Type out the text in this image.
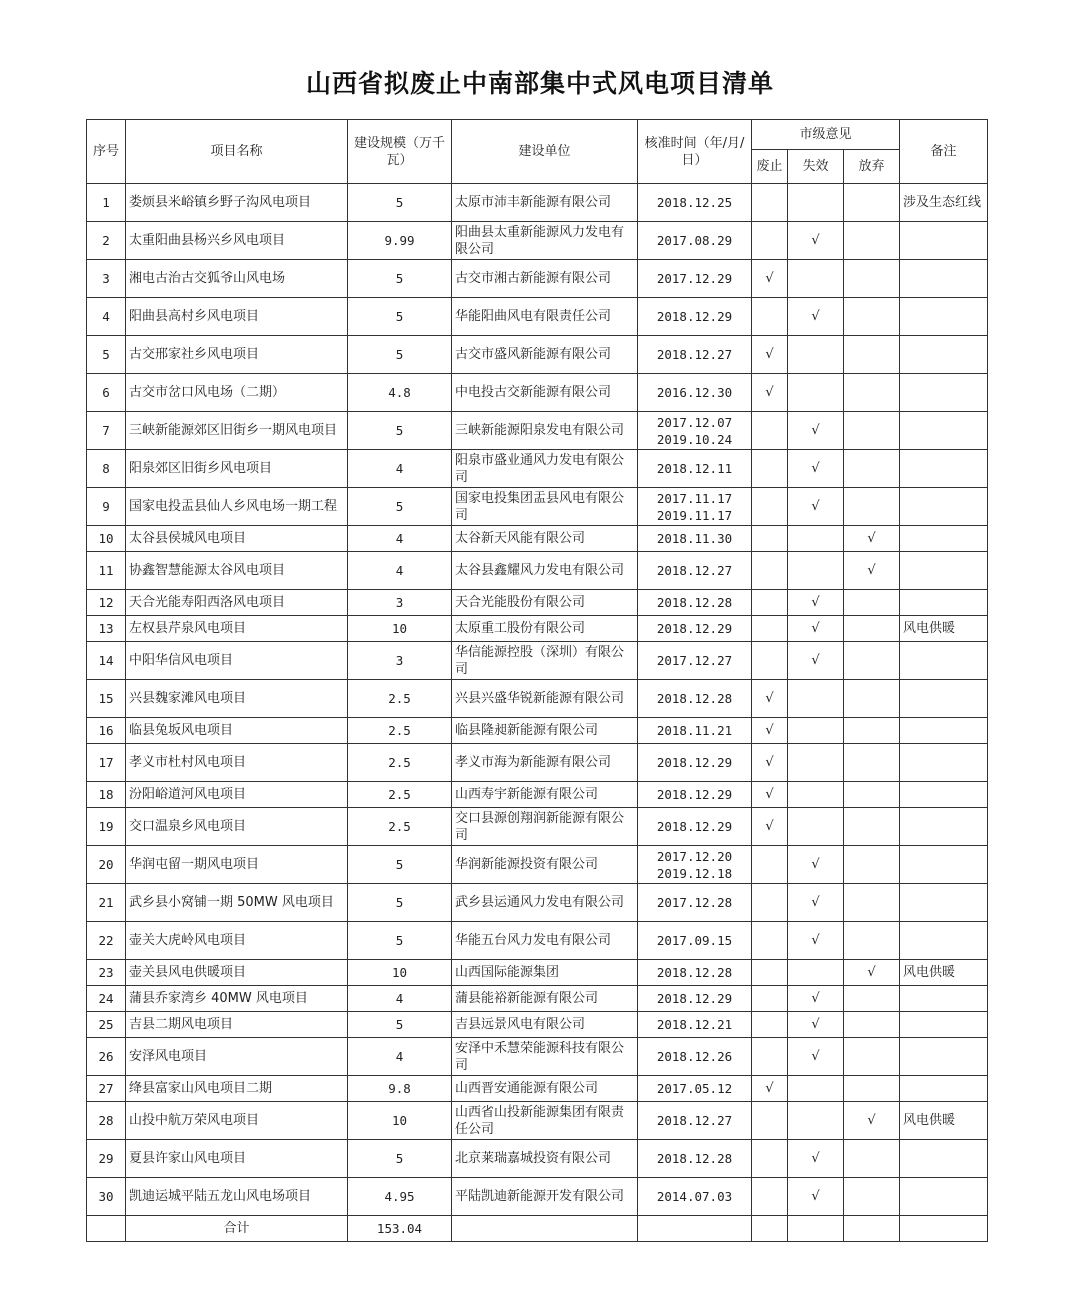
山西省拟废止中南部集中式风电项目清单
序号	项目名称	建设规模（万千瓦）	建设单位	核准时间（年/月/日）	市级意见			备注
					废止	失效	放弃	
1	娄烦县米峪镇乡野子沟风电项目	5	太原市沛丰新能源有限公司	2018.12.25				涉及生态红线
2	太重阳曲县杨兴乡风电项目	9.99	阳曲县太重新能源风力发电有限公司	2017.08.29		√		
3	湘电古治古交狐爷山风电场	5	古交市湘古新能源有限公司	2017.12.29	√			
4	阳曲县高村乡风电项目	5	华能阳曲风电有限责任公司	2018.12.29		√		
5	古交邢家社乡风电项目	5	古交市盛风新能源有限公司	2018.12.27	√			
6	古交市岔口风电场（二期）	4.8	中电投古交新能源有限公司	2016.12.30	√			
7	三峡新能源郊区旧街乡一期风电项目	5	三峡新能源阳泉发电有限公司	2017.12.07 2019.10.24		√		
8	阳泉郊区旧街乡风电项目	4	阳泉市盛业通风力发电有限公司	2018.12.11		√		
9	国家电投盂县仙人乡风电场一期工程	5	国家电投集团盂县风电有限公司	2017.11.17 2019.11.17		√		
10	太谷县侯城风电项目	4	太谷新天风能有限公司	2018.11.30			√	
11	协鑫智慧能源太谷风电项目	4	太谷县鑫耀风力发电有限公司	2018.12.27			√	
12	天合光能寿阳西洛风电项目	3	天合光能股份有限公司	2018.12.28		√		
13	左权县芹泉风电项目	10	太原重工股份有限公司	2018.12.29		√		风电供暖
14	中阳华信风电项目	3	华信能源控股（深圳）有限公司	2017.12.27		√		
15	兴县魏家滩风电项目	2.5	兴县兴盛华锐新能源有限公司	2018.12.28	√			
16	临县兔坂风电项目	2.5	临县隆昶新能源有限公司	2018.11.21	√			
17	孝义市杜村风电项目	2.5	孝义市海为新能源有限公司	2018.12.29	√			
18	汾阳峪道河风电项目	2.5	山西寿宇新能源有限公司	2018.12.29	√			
19	交口温泉乡风电项目	2.5	交口县源创翔润新能源有限公司	2018.12.29	√			
20	华润屯留一期风电项目	5	华润新能源投资有限公司	2017.12.20 2019.12.18		√		
21	武乡县小窝铺一期 50MW 风电项目	5	武乡县运通风力发电有限公司	2017.12.28		√		
22	壶关大虎岭风电项目	5	华能五台风力发电有限公司	2017.09.15		√		
23	壶关县风电供暖项目	10	山西国际能源集团	2018.12.28			√	风电供暖
24	蒲县乔家湾乡 40MW 风电项目	4	蒲县能裕新能源有限公司	2018.12.29		√		
25	吉县二期风电项目	5	吉县远景风电有限公司	2018.12.21		√		
26	安泽风电项目	4	安泽中禾慧荣能源科技有限公司	2018.12.26		√		
27	绛县富家山风电项目二期	9.8	山西晋安通能源有限公司	2017.05.12	√			
28	山投中航万荣风电项目	10	山西省山投新能源集团有限责任公司	2018.12.27			√	风电供暖
29	夏县许家山风电项目	5	北京莱瑞嘉城投资有限公司	2018.12.28		√		
30	凯迪运城平陆五龙山风电场项目	4.95	平陆凯迪新能源开发有限公司	2014.07.03		√		
	合计	153.04						
